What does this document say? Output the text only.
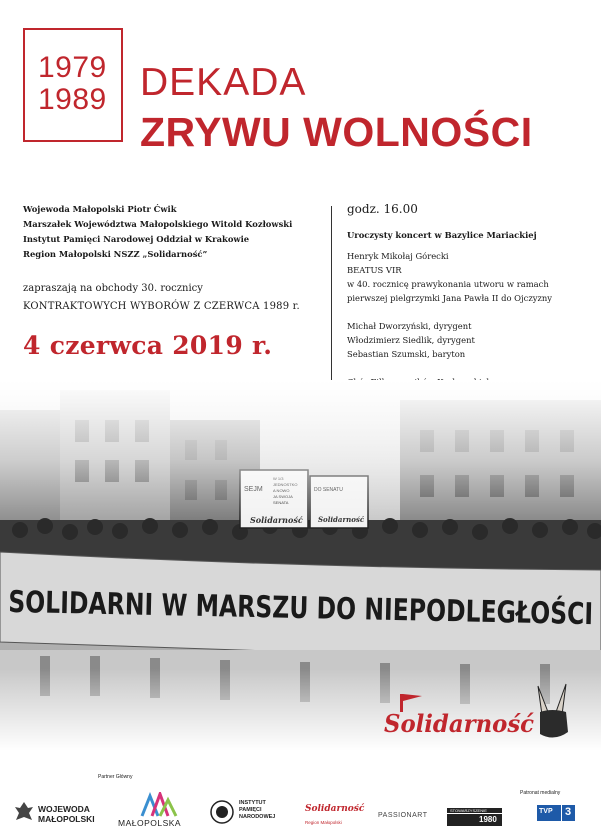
1979
1989 DEKADA
ZRYWU WOLNOŚCI
Wojewoda Małopolski Piotr Ćwik
Marszałek Województwa Małopolskiego Witold Kozłowski
Instytut Pamięci Narodowej Oddział w Krakowie
Region Małopolski NSZZ „Solidarność”
zapraszają na obchody 30. rocznicy
KONTRAKTOWYCH WYBORÓW Z CZERWCA 1989 r.
4 czerwca 2019 r.
godz. 16.00
Uroczysty koncert w Bazylice Mariackiej
Henryk Mikołaj Górecki
BEATUS VIR
w 40. rocznicę prawykonania utworu w ramach
pierwszej pielgrzymki Jana Pawła II do Ojczyzny
Michał Dworzyński, dyrygent
Włodzimierz Siedlik, dyrygent
Sebastian Szumski, baryton
Solidarność
Partner Główny
Patronat medialny
WOJEWODA
MAŁOPOLSKI	MAŁOPOLSKA
INSTYTUT
PAMIĘCI
NARODOWEJ
Solidarność
Region Małopolski
PASSIONART
STOWARZYSZENIE
1980
TVP 3
